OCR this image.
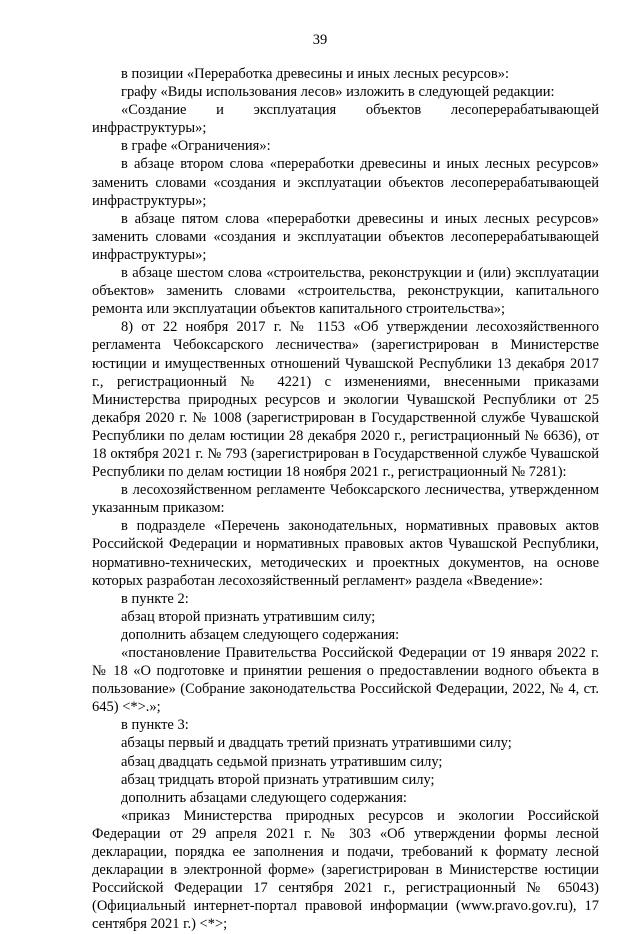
39

в позиции «Переработка древесины и иных лесных ресурсов»:

графу «Виды использования лесов» изложить в следующей редакции:

«Создание и эксплуатация объектов лесоперерабатывающей инфраструктуры»;

в графе «Ограничения»:

в абзаце втором слова «переработки древесины и иных лесных ресурсов» заменить словами «создания и эксплуатации объектов лесоперерабатывающей инфраструктуры»;

в абзаце пятом слова «переработки древесины и иных лесных ресурсов» заменить словами «создания и эксплуатации объектов лесоперерабатывающей инфраструктуры»;

в абзаце шестом слова «строительства, реконструкции и (или) эксплуатации объектов» заменить словами «строительства, реконструкции, капитального ремонта или эксплуатации объектов капитального строительства»;

8) от 22 ноября 2017 г. № 1153 «Об утверждении лесохозяйственного регламента Чебоксарского лесничества» (зарегистрирован в Министерстве юстиции и имущественных отношений Чувашской Республики 13 декабря 2017 г., регистрационный № 4221) с изменениями, внесенными приказами Министерства природных ресурсов и экологии Чувашской Республики от 25 декабря 2020 г. № 1008 (зарегистрирован в Государственной службе Чувашской Республики по делам юстиции 28 декабря 2020 г., регистрационный № 6636), от 18 октября 2021 г. № 793 (зарегистрирован в Государственной службе Чувашской Республики по делам юстиции 18 ноября 2021 г., регистрационный № 7281):

в лесохозяйственном регламенте Чебоксарского лесничества, утвержденном указанным приказом:

в подразделе «Перечень законодательных, нормативных правовых актов Российской Федерации и нормативных правовых актов Чувашской Республики, нормативно-технических, методических и проектных документов, на основе которых разработан лесохозяйственный регламент» раздела «Введение»:

в пункте 2:

абзац второй признать утратившим силу;

дополнить абзацем следующего содержания:

«постановление Правительства Российской Федерации от 19 января 2022 г. № 18 «О подготовке и принятии решения о предоставлении водного объекта в пользование» (Собрание законодательства Российской Федерации, 2022, № 4, ст. 645) <*>.»;

в пункте 3:

абзацы первый и двадцать третий признать утратившими силу;

абзац двадцать седьмой признать утратившим силу;

абзац тридцать второй признать утратившим силу;

дополнить абзацами следующего содержания:

«приказ Министерства природных ресурсов и экологии Российской Федерации от 29 апреля 2021 г. № 303 «Об утверждении формы лесной декларации, порядка ее заполнения и подачи, требований к формату лесной декларации в электронной форме» (зарегистрирован в Министерстве юстиции Российской Федерации 17 сентября 2021 г., регистрационный № 65043) (Официальный интернет-портал правовой информации (www.pravo.gov.ru), 17 сентября 2021 г.) <*>;
